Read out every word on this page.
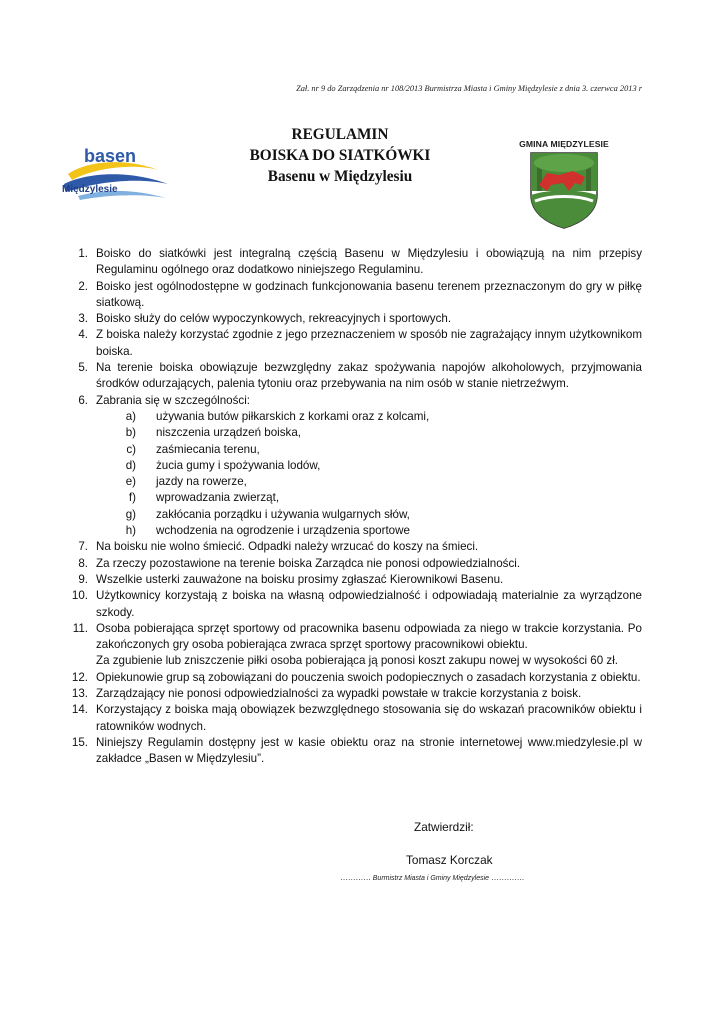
Zał. nr 9 do Zarządzenia nr 108/2013 Burmistrza Miasta i Gminy Międzylesie z dnia 3. czerwca 2013 r
basen
Międzylesie
REGULAMIN
BOISKA DO SIATKÓWKI
Basenu w Międzylesiu
GMINA MIĘDZYLESIE
1. Boisko do siatkówki jest integralną częścią Basenu w Międzylesiu i obowiązują na nim przepisy Regulaminu ogólnego oraz dodatkowo niniejszego Regulaminu.
2. Boisko jest ogólnodostępne w godzinach funkcjonowania basenu terenem przeznaczonym do gry w piłkę siatkową.
3. Boisko służy do celów wypoczynkowych, rekreacyjnych i sportowych.
4. Z boiska należy korzystać zgodnie z jego przeznaczeniem w sposób nie zagrażający innym użytkownikom boiska.
5. Na terenie boiska obowiązuje bezwzględny zakaz spożywania napojów alkoholowych, przyjmowania środków odurzających, palenia tytoniu oraz przebywania na nim osób w stanie nietrzeźwym.
6. Zabrania się w szczególności:
a) używania butów piłkarskich z korkami oraz z kolcami,
b) niszczenia urządzeń boiska,
c) zaśmiecania terenu,
d) żucia gumy i spożywania lodów,
e) jazdy na rowerze,
f) wprowadzania zwierząt,
g) zakłócania porządku i używania wulgarnych słów,
h) wchodzenia na ogrodzenie i urządzenia sportowe
7. Na boisku nie wolno śmiecić. Odpadki należy wrzucać do koszy na śmieci.
8. Za rzeczy pozostawione na terenie boiska Zarządca nie ponosi odpowiedzialności.
9. Wszelkie usterki zauważone na boisku prosimy zgłaszać Kierownikowi Basenu.
10. Użytkownicy korzystają z boiska na własną odpowiedzialność i odpowiadają materialnie za wyrządzone szkody.
11. Osoba pobierająca sprzęt sportowy od pracownika basenu odpowiada za niego w trakcie korzystania. Po zakończonych gry osoba pobierająca zwraca sprzęt sportowy pracownikowi obiektu.
Za zgubienie lub zniszczenie piłki osoba pobierająca ją ponosi koszt zakupu nowej w wysokości 60 zł.
12. Opiekunowie grup są zobowiązani do pouczenia swoich podopiecznych o zasadach korzystania z obiektu.
13. Zarządzający nie ponosi odpowiedzialności za wypadki powstałe w trakcie korzystania z boisk.
14. Korzystający z boiska mają obowiązek bezwzględnego stosowania się do wskazań pracowników obiektu i ratowników wodnych.
15. Niniejszy Regulamin dostępny jest w kasie obiektu oraz na stronie internetowej www.miedzylesie.pl w zakładce „Basen w Międzylesiu”.
Zatwierdził:
Tomasz Korczak
………… Burmistrz Miasta i Gminy Międzylesie ………….
